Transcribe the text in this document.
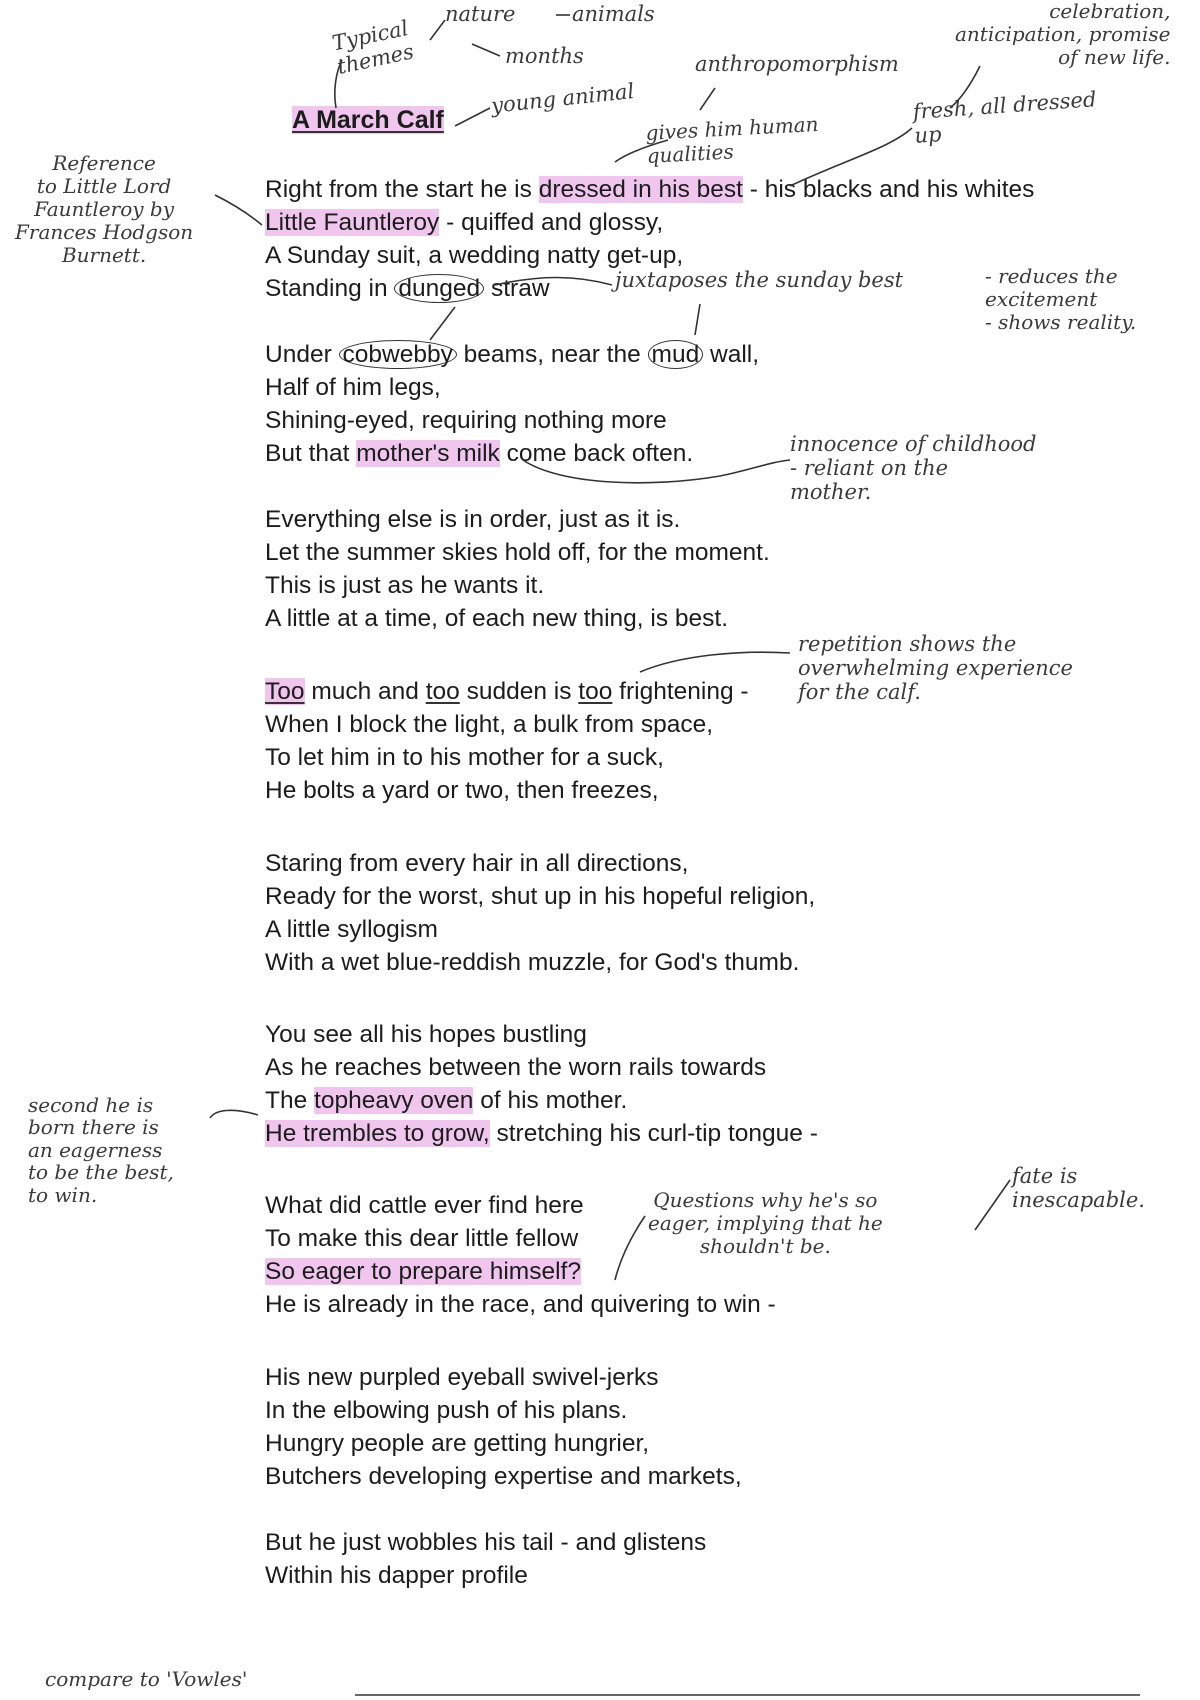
A March Calf
Right from the start he is dressed in his best - his blacks and his whites
Little Fauntleroy - quiffed and glossy,
A Sunday suit, a wedding natty get-up,
Standing in dunged straw
Under cobwebby beams, near the mud wall,
Half of him legs,
Shining-eyed, requiring nothing more
But that mother's milk come back often.
Everything else is in order, just as it is.
Let the summer skies hold off, for the moment.
This is just as he wants it.
A little at a time, of each new thing, is best.
Too much and too sudden is too frightening -
When I block the light, a bulk from space,
To let him in to his mother for a suck,
He bolts a yard or two, then freezes,
Staring from every hair in all directions,
Ready for the worst, shut up in his hopeful religion,
A little syllogism
With a wet blue-reddish muzzle, for God's thumb.
You see all his hopes bustling
As he reaches between the worn rails towards
The topheavy oven of his mother.
He trembles to grow, stretching his curl-tip tongue -
What did cattle ever find here
To make this dear little fellow
So eager to prepare himself?
He is already in the race, and quivering to win -
His new purpled eyeball swivel-jerks
In the elbowing push of his plans.
Hungry people are getting hungrier,
Butchers developing expertise and markets,
But he just wobbles his tail - and glistens
Within his dapper profile
Typical
themes
nature	animals
months
young animal
anthropomorphism
celebration,
anticipation, promise
of new life.
fresh, all dressed
up
gives him human
qualities
Reference
to Little Lord
Fauntleroy by
Frances Hodgson
Burnett.
juxtaposes the sunday best	- reduces the
excitement
- shows reality.
innocence of childhood
- reliant on the
mother.
repetition shows the
overwhelming experience
for the calf.
second he is
born there is
an eagerness
to be the best,
to win.	Questions why he's so
eager, implying that he
shouldn't be.
fate is
inescapable.
compare to 'Vowles'
